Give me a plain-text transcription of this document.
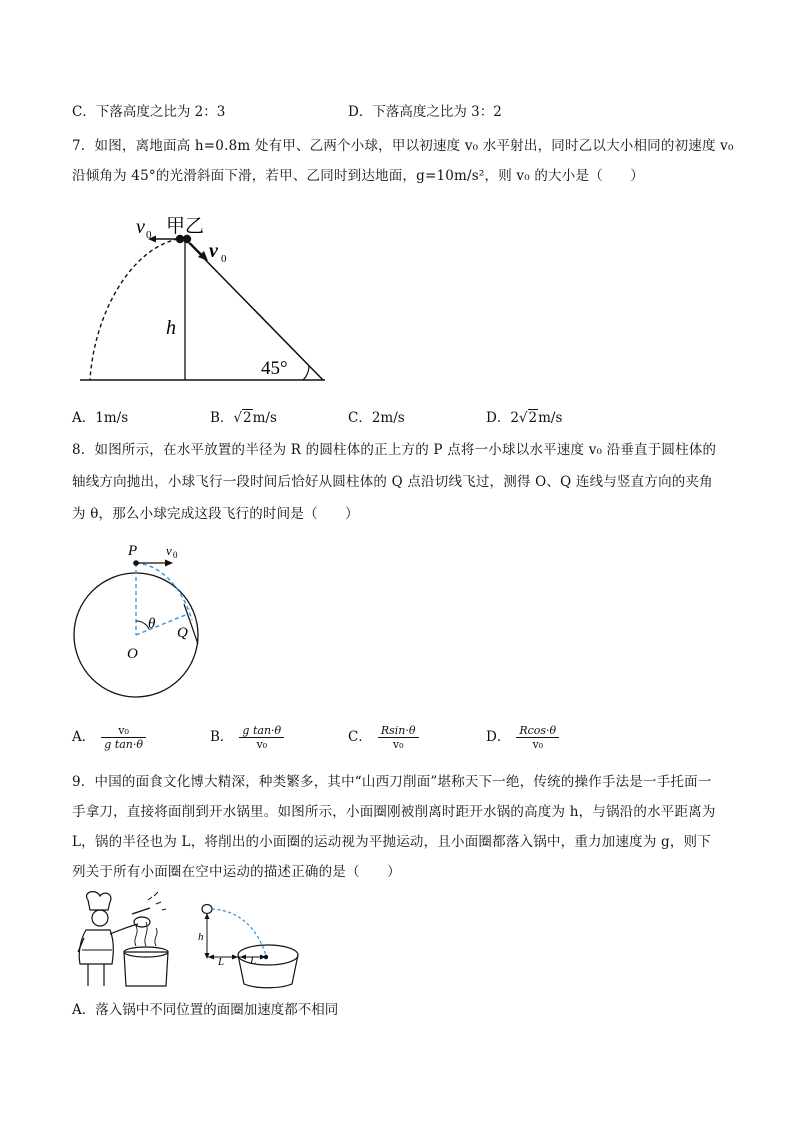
C．下落高度之比为 2：3	D．下落高度之比为 3：2
7．如图，离地面高 h=0.8m 处有甲、乙两个小球，甲以初速度 v₀ 水平射出，同时乙以大小相同的初速度 v₀
沿倾角为 45°的光滑斜面下滑，若甲、乙同时到达地面，g=10m/s²，则 v₀ 的大小是（　　）
v 0 甲乙
v 0
h
45°
A．1m/s	B．√2m/s	C．2m/s	D．2√2m/s
8．如图所示，在水平放置的半径为 R 的圆柱体的正上方的 P 点将一小球以水平速度 v₀ 沿垂直于圆柱体的
轴线方向抛出，小球飞行一段时间后恰好从圆柱体的 Q 点沿切线飞过，测得 O、Q 连线与竖直方向的夹角
为 θ，那么小球完成这段飞行的时间是（　　）
P v 0
θ
Q
O
A． $\frac{\text{v₀}}{\text{g tan·θ}}$	B． $\frac{\text{g tan·θ}}{\text{v₀}}$	C． $\frac{Rsin\cdot\theta}{\text{v₀}}$	D． $\frac{Rcos\cdot\theta}{\text{v₀}}$
9．中国的面食文化博大精深，种类繁多，其中“山西刀削面”堪称天下一绝，传统的操作手法是一手托面一
手拿刀，直接将面削到开水锅里。如图所示，小面圈刚被削离时距开水锅的高度为 h，与锅沿的水平距离为
L，锅的半径也为 L，将削出的小面圈的运动视为平抛运动，且小面圈都落入锅中，重力加速度为 g，则下
列关于所有小面圈在空中运动的描述正确的是（　　）
h
L L
A．落入锅中不同位置的面圈加速度都不相同
